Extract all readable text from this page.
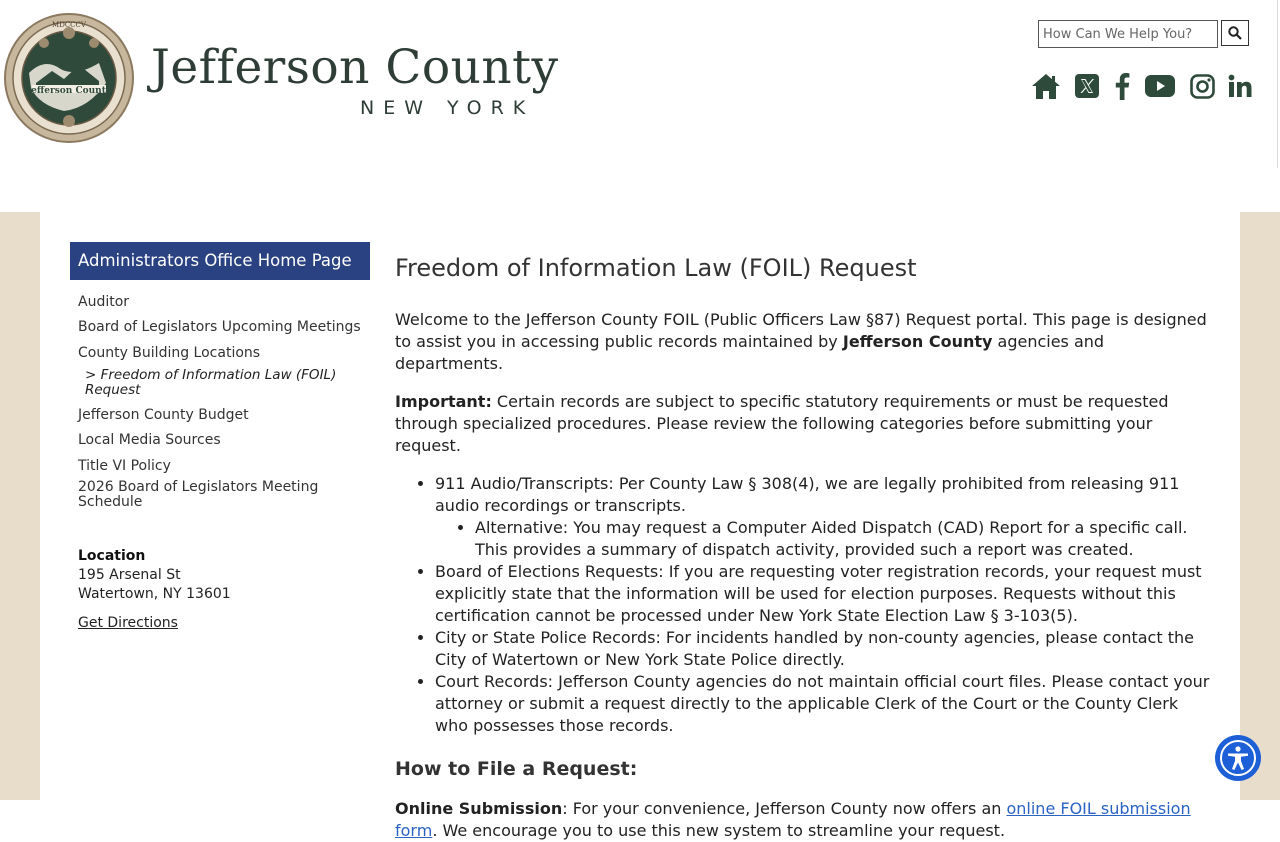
MDCCCV
Jefferson County Jefferson County
NEW YORK
How Can We Help You?
Administrators Office Home Page
Auditor
Board of Legislators Upcoming Meetings
County Building Locations
> Freedom of Information Law (FOIL) Request
Jefferson County Budget
Local Media Sources
Title VI Policy
2026 Board of Legislators Meeting Schedule
Location
195 Arsenal St
Watertown, NY 13601
Get Directions
Freedom of Information Law (FOIL) Request

Welcome to the Jefferson County FOIL (Public Officers Law §87) Request portal. This page is designed to assist you in accessing public records maintained by Jefferson County agencies and departments.

Important: Certain records are subject to specific statutory requirements or must be requested through specialized procedures. Please review the following categories before submitting your request.

• 911 Audio/Transcripts: Per County Law § 308(4), we are legally prohibited from releasing 911 audio recordings or transcripts.
• Alternative: You may request a Computer Aided Dispatch (CAD) Report for a specific call. This provides a summary of dispatch activity, provided such a report was created.
• Board of Elections Requests: If you are requesting voter registration records, your request must explicitly state that the information will be used for election purposes. Requests without this certification cannot be processed under New York State Election Law § 3-103(5).
• City or State Police Records: For incidents handled by non-county agencies, please contact the City of Watertown or New York State Police directly.
• Court Records: Jefferson County agencies do not maintain official court files. Please contact your attorney or submit a request directly to the applicable Clerk of the Court or the County Clerk who possesses those records.
How to File a Request:

Online Submission: For your convenience, Jefferson County now offers an online FOIL submission form. We encourage you to use this new system to streamline your request.
